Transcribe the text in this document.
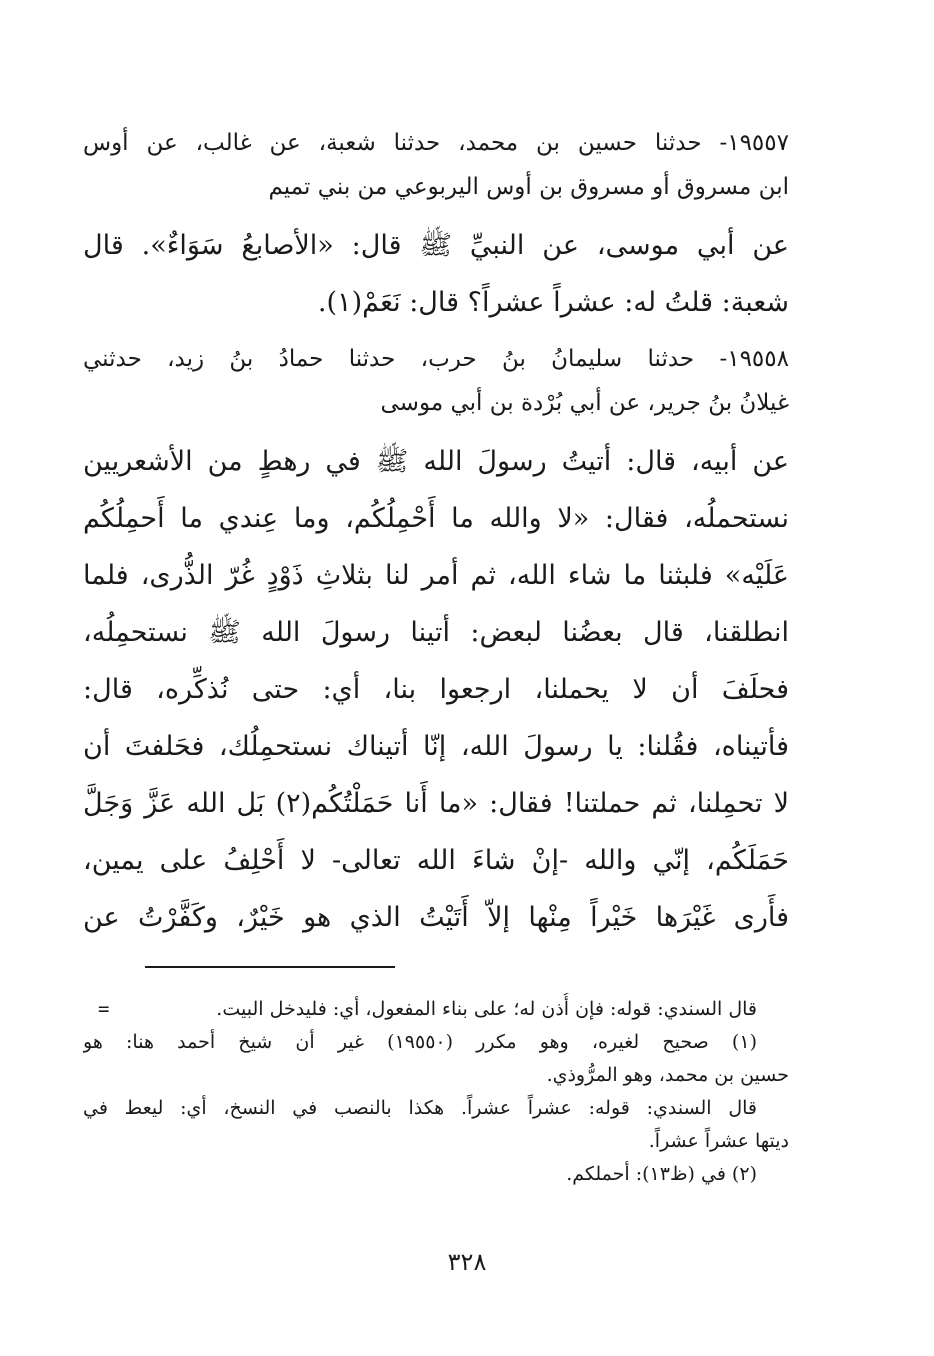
١٩٥٥٧- حدثنا حسين بن محمد، حدثنا شعبة، عن غالب، عن أوس
ابن مسروق أو مسروق بن أوس اليربوعي من بني تميم
عن أبي موسى، عن النبيِّ ﷺ قال: «الأصابعُ سَوَاءٌ». قال
شعبة: قلتُ له: عشراً عشراً؟ قال: نَعَمْ(١).
١٩٥٥٨- حدثنا سليمانُ بنُ حرب، حدثنا حمادُ بنُ زيد، حدثني
غيلانُ بنُ جرير، عن أبي بُرْدة بن أبي موسى
عن أبيه، قال: أتيتُ رسولَ الله ﷺ في رهطٍ من الأشعريين
نستحملُه، فقال: «لا والله ما أَحْمِلُكُم، وما عِندي ما أَحمِلُكُم
عَلَيْه» فلبثنا ما شاء الله، ثم أمر لنا بثلاثِ ذَوْدٍ غُرّ الذُّرى، فلما
انطلقنا، قال بعضُنا لبعض: أتينا رسولَ الله ﷺ نستحمِلُه،
فحلَفَ أن لا يحملنا، ارجعوا بنا، أي: حتى نُذكِّره، قال:
فأتيناه، فقُلنا: يا رسولَ الله، إنّا أتيناك نستحمِلُك، فحَلفتَ أن
لا تحمِلنا، ثم حملتنا! فقال: «ما أَنا حَمَلْتُكُم(٢) بَل الله عَزَّ وَجَلَّ
حَمَلَكُم، إنّي والله -إنْ شاءَ الله تعالى- لا أَحْلِفُ على يمين،
فأَرى غَيْرَها خَيْراً مِنْها إلاّ أَتَيْتُ الذي هو خَيْرٌ، وكَفَّرْتُ عن
=	قال السندي: قوله: فإن أُذن له؛ على بناء المفعول، أي: فليدخل البيت.
(١) صحيح لغيره، وهو مكرر (١٩٥٥٠) غير أن شيخ أحمد هنا: هو
حسين بن محمد، وهو المرُّوذي.
قال السندي: قوله: عشراً عشراً. هكذا بالنصب في النسخ، أي: ليعط في
ديتها عشراً عشراً.
(٢) في (ظ١٣): أحملكم.
٣٢٨
